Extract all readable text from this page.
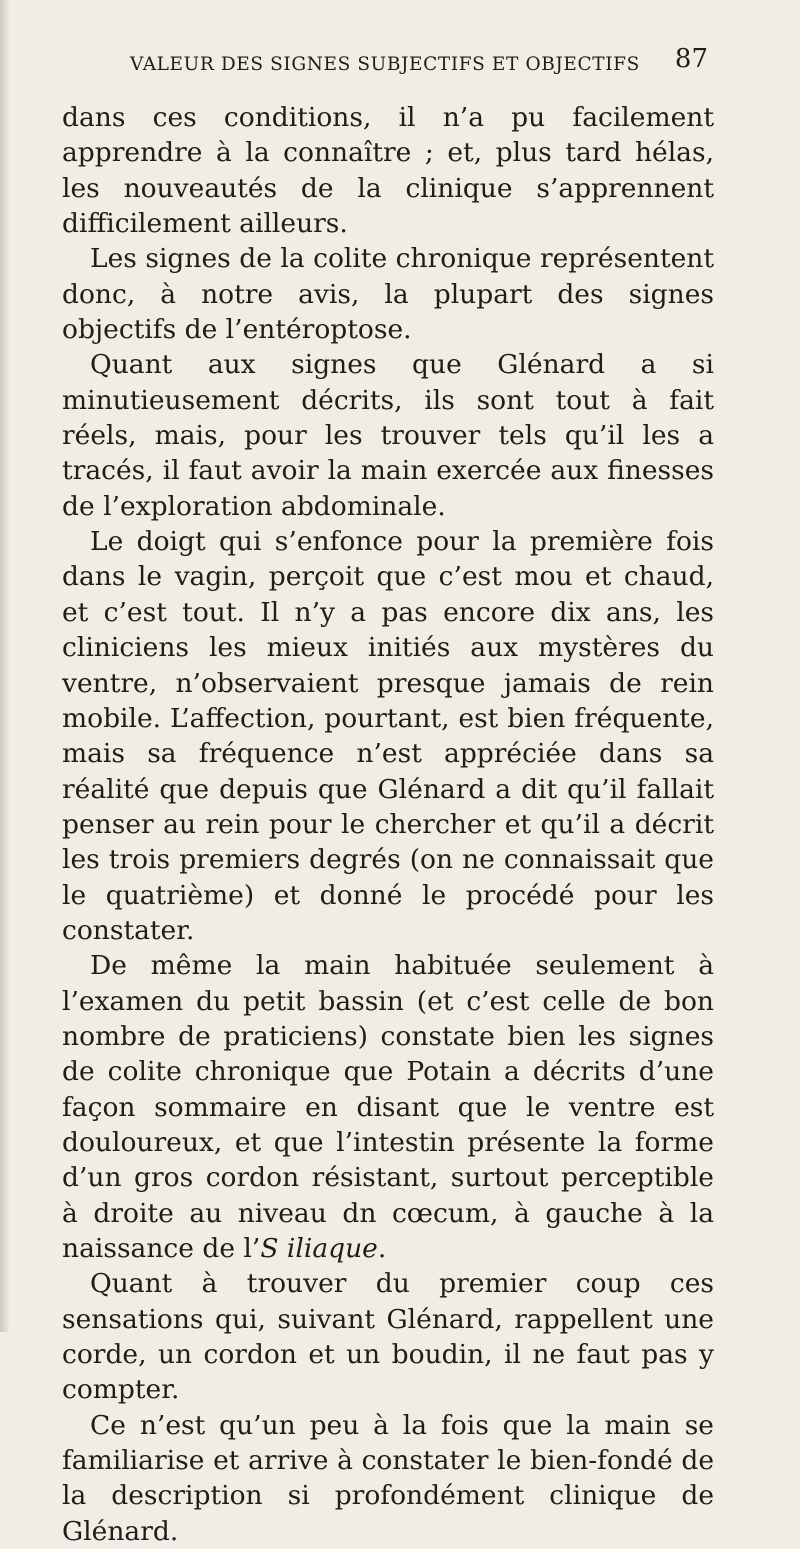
VALEUR DES SIGNES SUBJECTIFS ET OBJECTIFS 87

dans ces conditions, il n’a pu facilement apprendre à la connaître ; et, plus tard hélas, les nouveautés de la clinique s’apprennent difficilement ailleurs.

Les signes de la colite chronique représentent donc, à notre avis, la plupart des signes objectifs de l’entéroptose.

Quant aux signes que Glénard a si minutieusement décrits, ils sont tout à fait réels, mais, pour les trouver tels qu’il les a tracés, il faut avoir la main exercée aux finesses de l’exploration abdominale.

Le doigt qui s’enfonce pour la première fois dans le vagin, perçoit que c’est mou et chaud, et c’est tout. Il n’y a pas encore dix ans, les cliniciens les mieux initiés aux mystères du ventre, n’observaient presque jamais de rein mobile. L’affection, pourtant, est bien fréquente, mais sa fréquence n’est appréciée dans sa réalité que depuis que Glénard a dit qu’il fallait penser au rein pour le chercher et qu’il a décrit les trois premiers degrés (on ne connaissait que le quatrième) et donné le procédé pour les constater.

De même la main habituée seulement à l’examen du petit bassin (et c’est celle de bon nombre de praticiens) constate bien les signes de colite chronique que Potain a décrits d’une façon sommaire en disant que le ventre est douloureux, et que l’intestin présente la forme d’un gros cordon résistant, surtout perceptible à droite au niveau dn cœcum, à gauche à la naissance de l’S iliaque.

Quant à trouver du premier coup ces sensations qui, suivant Glénard, rappellent une corde, un cordon et un boudin, il ne faut pas y compter.

Ce n’est qu’un peu à la fois que la main se familiarise et arrive à constater le bien-fondé de la description si profondément clinique de Glénard.
